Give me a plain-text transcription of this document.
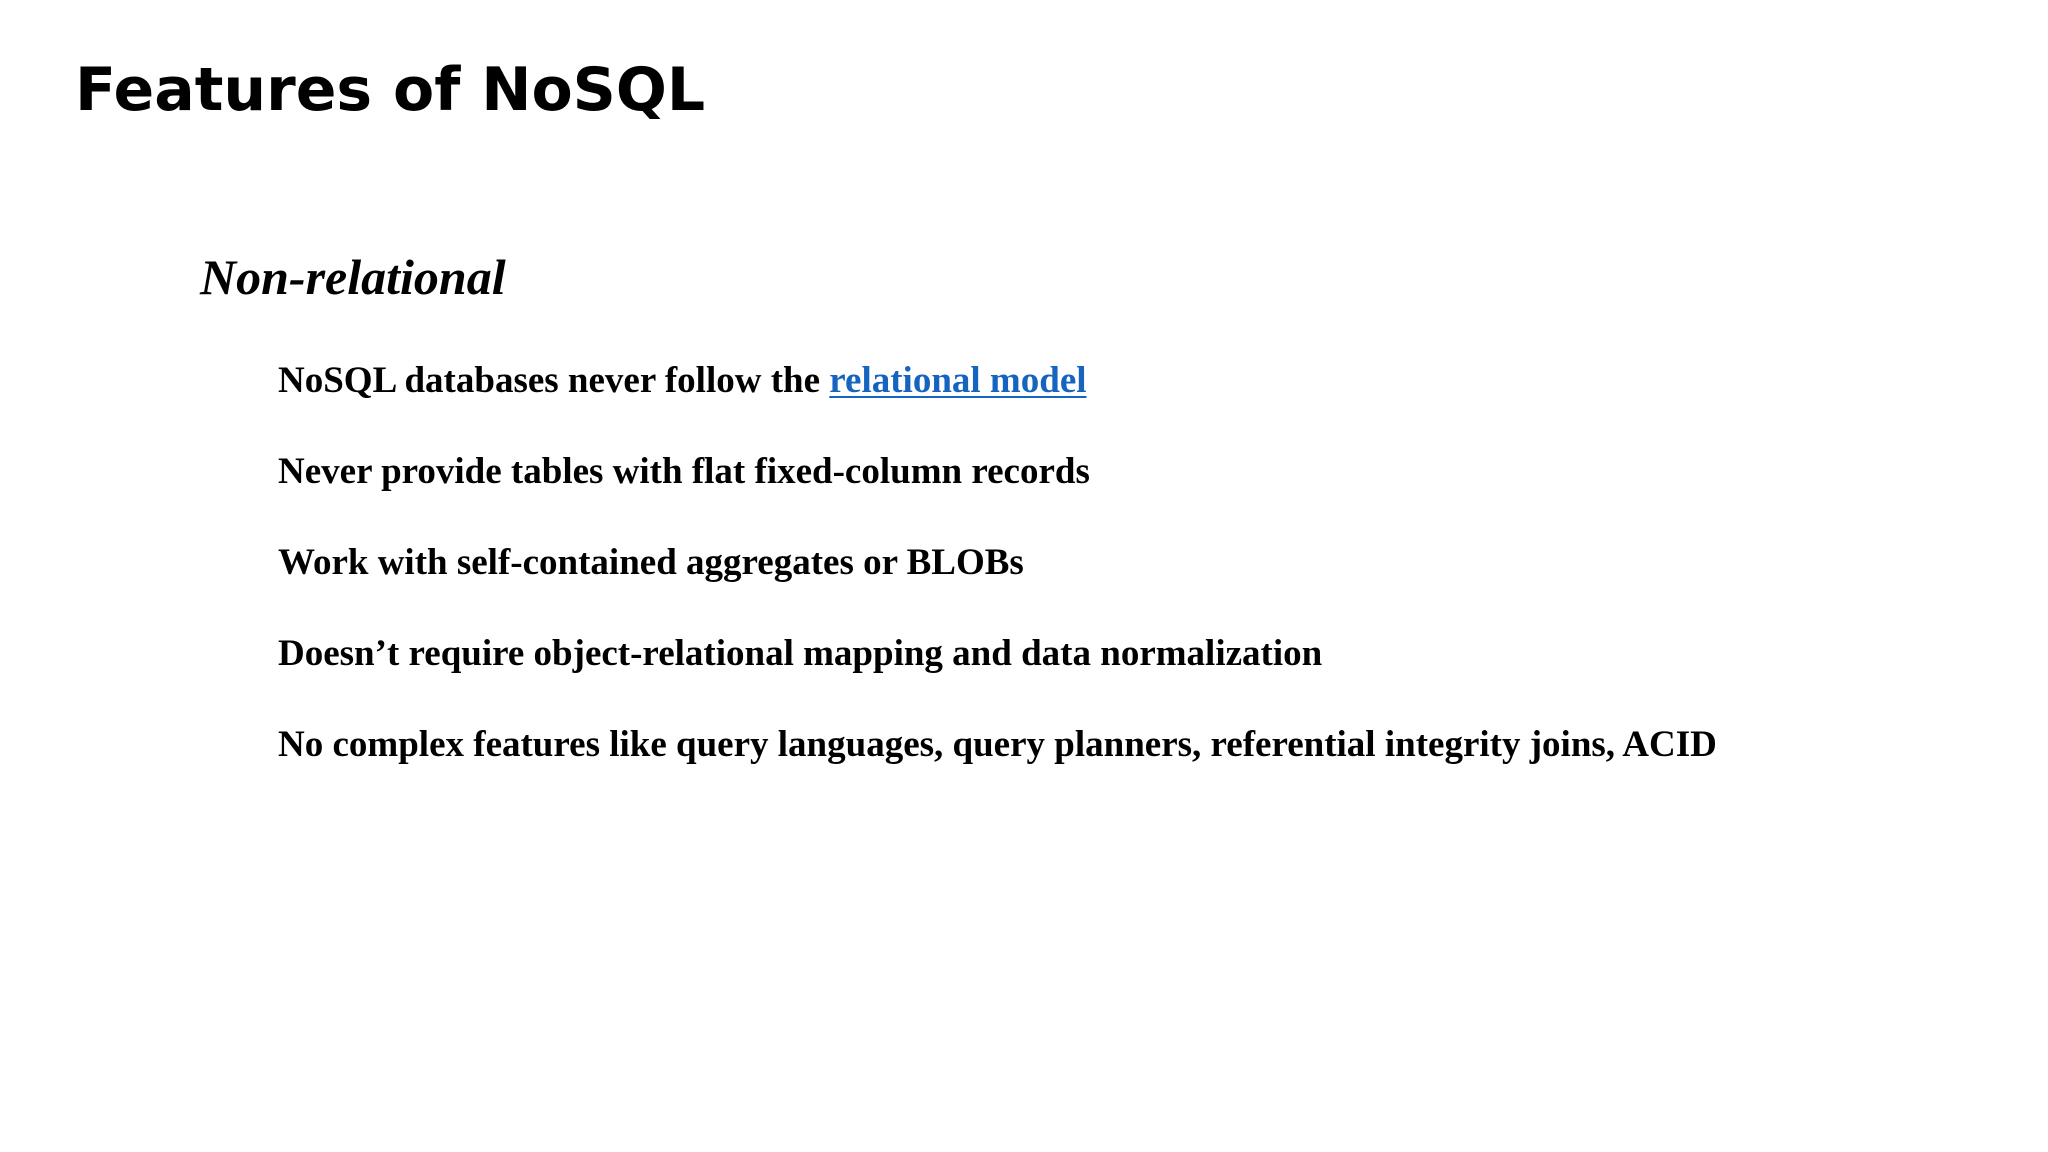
Features of NoSQL
Non-relational
NoSQL databases never follow the relational model
Never provide tables with flat fixed-column records
Work with self-contained aggregates or BLOBs
Doesn’t require object-relational mapping and data normalization
No complex features like query languages, query planners, referential integrity joins, ACID
